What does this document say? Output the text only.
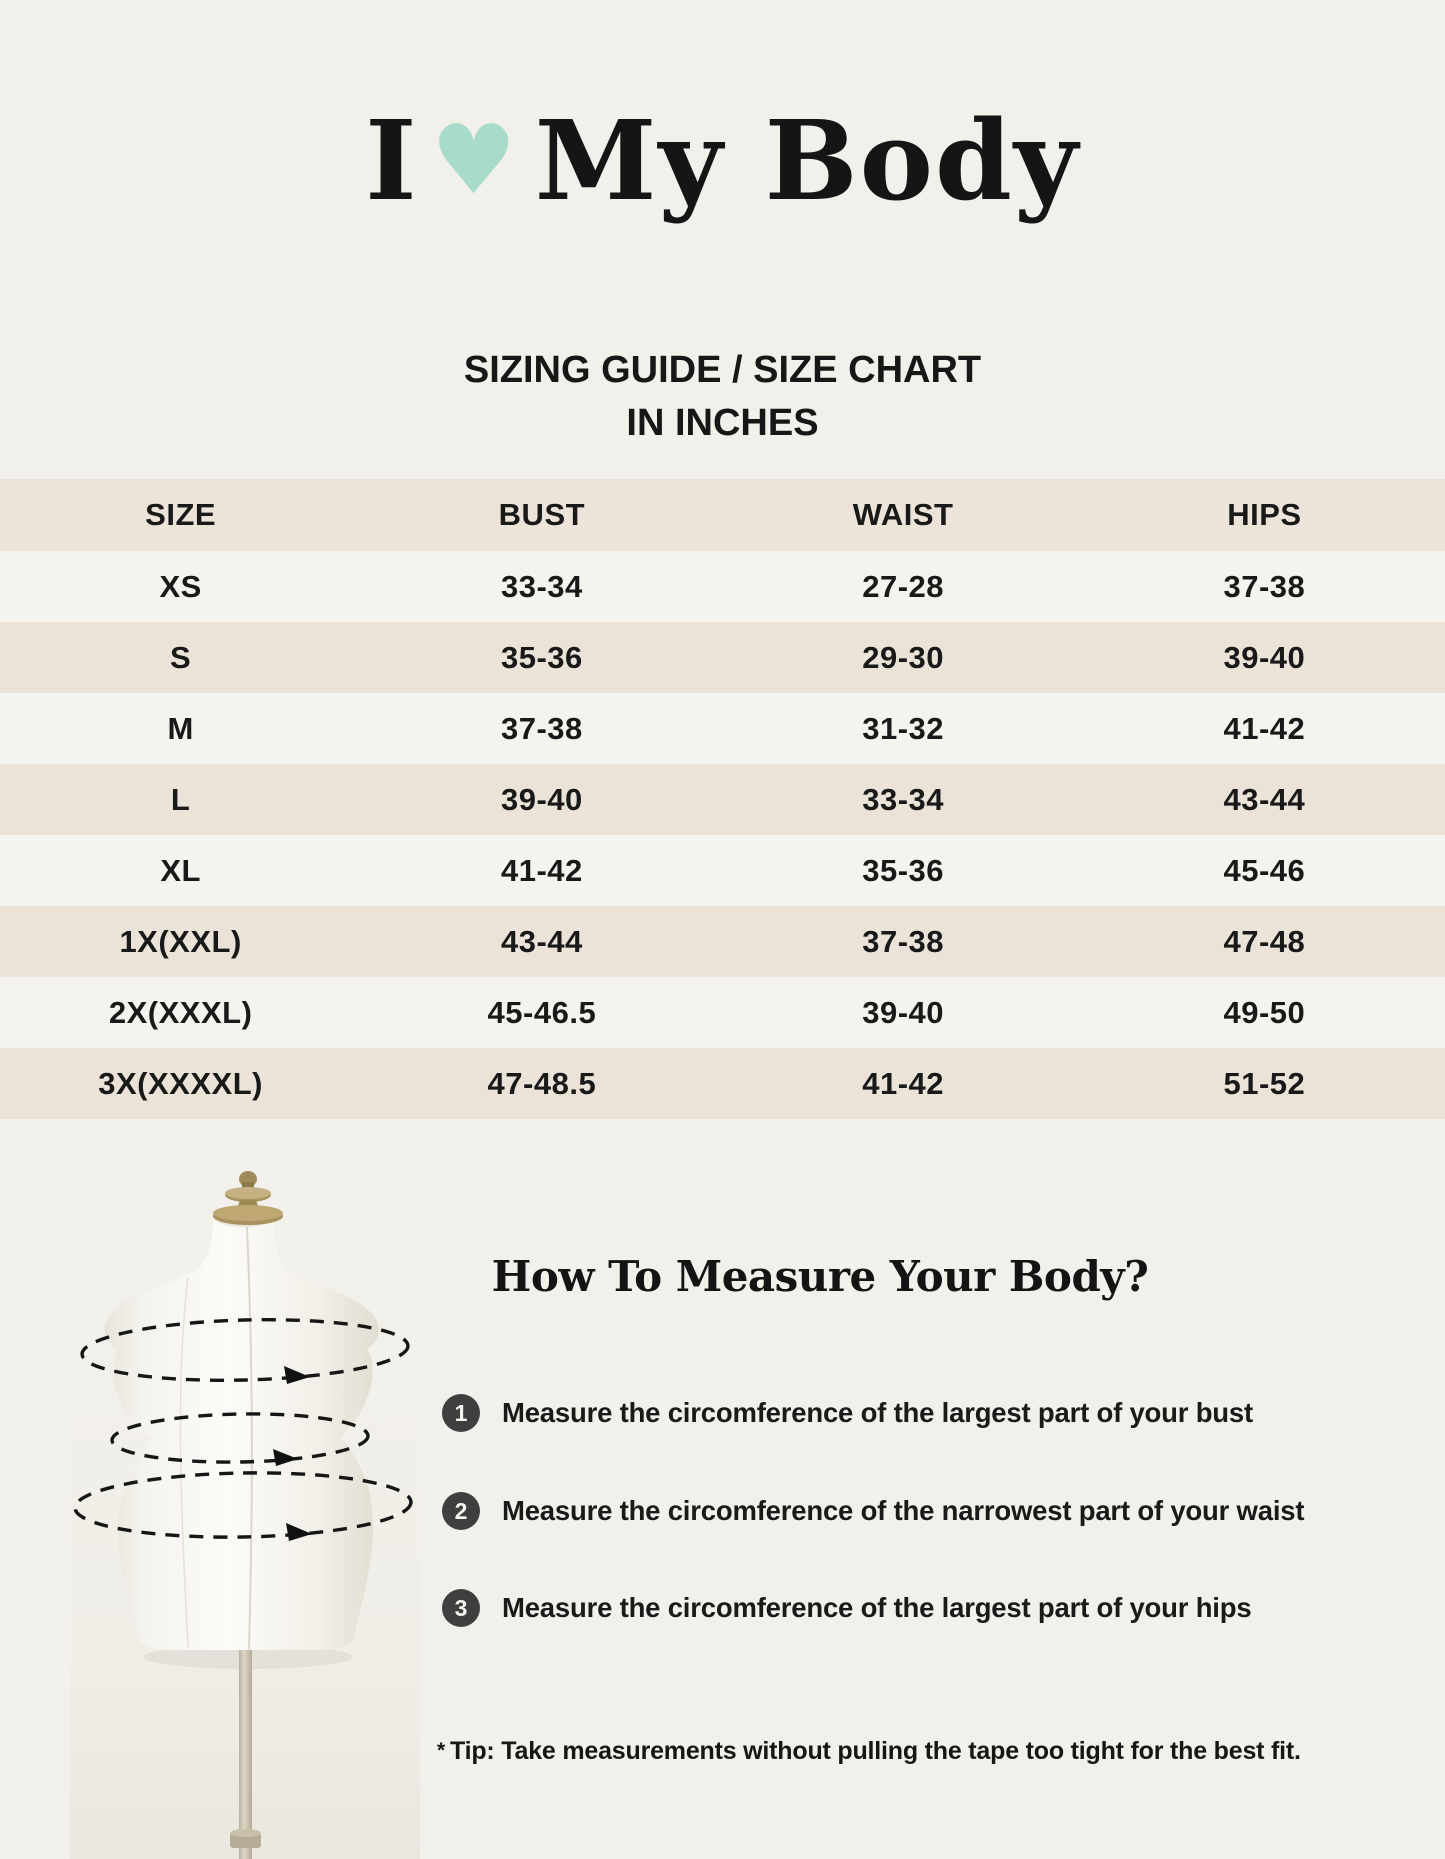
I ♥ My Body
SIZING GUIDE / SIZE CHART
IN INCHES
SIZE	BUST	WAIST	HIPS
XS	33-34	27-28	37-38
S	35-36	29-30	39-40
M	37-38	31-32	41-42
L	39-40	33-34	43-44
XL	41-42	35-36	45-46
1X(XXL)	43-44	37-38	47-48
2X(XXXL)	45-46.5	39-40	49-50
3X(XXXXL)	47-48.5	41-42	51-52
How To Measure Your Body?
1	Measure the circomference of the largest part of your bust
2	Measure the circomference of the narrowest part of your waist
3	Measure the circomference of the largest part of your hips
* Tip: Take measurements without pulling the tape too tight for the best fit.
